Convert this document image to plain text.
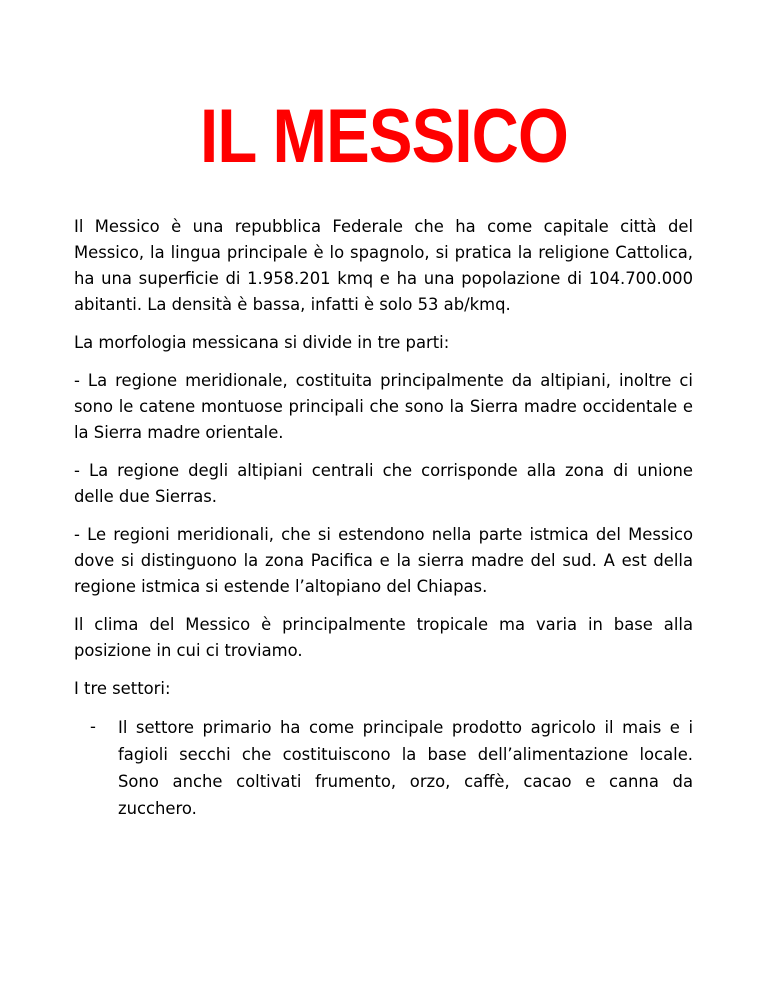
IL MESSICO

Il Messico è una repubblica Federale che ha come capitale città del Messico, la lingua principale è lo spagnolo, si pratica la religione Cattolica, ha una superficie di 1.958.201 kmq e ha una popolazione di 104.700.000 abitanti. La densità è bassa, infatti è solo 53 ab/kmq.

La morfologia messicana si divide in tre parti:

- La regione meridionale, costituita principalmente da altipiani, inoltre ci sono le catene montuose principali che sono la Sierra madre occidentale e la Sierra madre orientale.

- La regione degli altipiani centrali che corrisponde alla zona di unione delle due Sierras.

- Le regioni meridionali, che si estendono nella parte istmica del Messico dove si distinguono la zona Pacifica e la sierra madre del sud. A est della regione istmica si estende l’altopiano del Chiapas.

Il clima del Messico è principalmente tropicale ma varia in base alla posizione in cui ci troviamo.

I tre settori:

-	Il settore primario ha come principale prodotto agricolo il mais e i fagioli secchi che costituiscono la base dell’alimentazione locale. Sono anche coltivati frumento, orzo, caffè, cacao e canna da zucchero.
